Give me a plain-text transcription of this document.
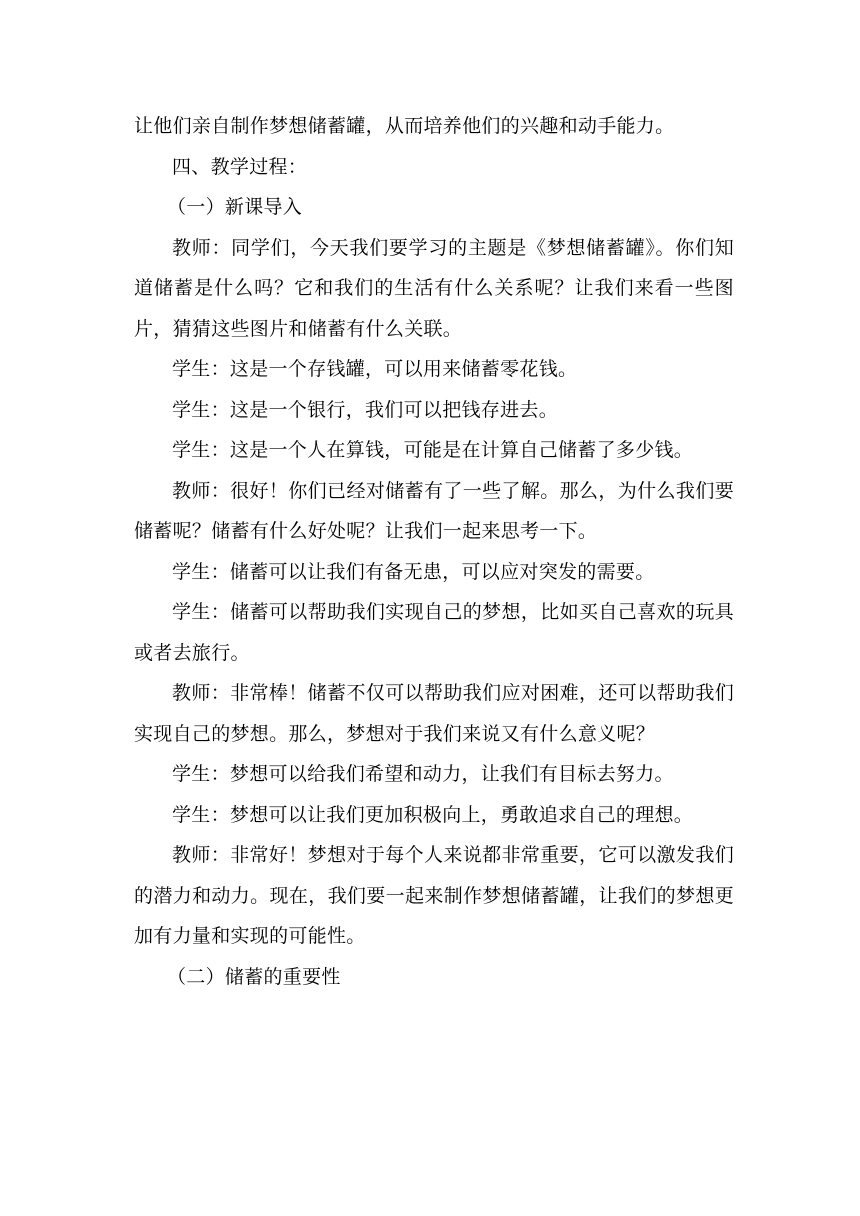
让他们亲自制作梦想储蓄罐，从而培养他们的兴趣和动手能力。

四、教学过程：

（一）新课导入

教师：同学们，今天我们要学习的主题是《梦想储蓄罐》。你们知道储蓄是什么吗？它和我们的生活有什么关系呢？让我们来看一些图片，猜猜这些图片和储蓄有什么关联。

学生：这是一个存钱罐，可以用来储蓄零花钱。

学生：这是一个银行，我们可以把钱存进去。

学生：这是一个人在算钱，可能是在计算自己储蓄了多少钱。

教师：很好！你们已经对储蓄有了一些了解。那么，为什么我们要储蓄呢？储蓄有什么好处呢？让我们一起来思考一下。

学生：储蓄可以让我们有备无患，可以应对突发的需要。

学生：储蓄可以帮助我们实现自己的梦想，比如买自己喜欢的玩具或者去旅行。

教师：非常棒！储蓄不仅可以帮助我们应对困难，还可以帮助我们实现自己的梦想。那么，梦想对于我们来说又有什么意义呢？

学生：梦想可以给我们希望和动力，让我们有目标去努力。

学生：梦想可以让我们更加积极向上，勇敢追求自己的理想。

教师：非常好！梦想对于每个人来说都非常重要，它可以激发我们的潜力和动力。现在，我们要一起来制作梦想储蓄罐，让我们的梦想更加有力量和实现的可能性。

（二）储蓄的重要性
